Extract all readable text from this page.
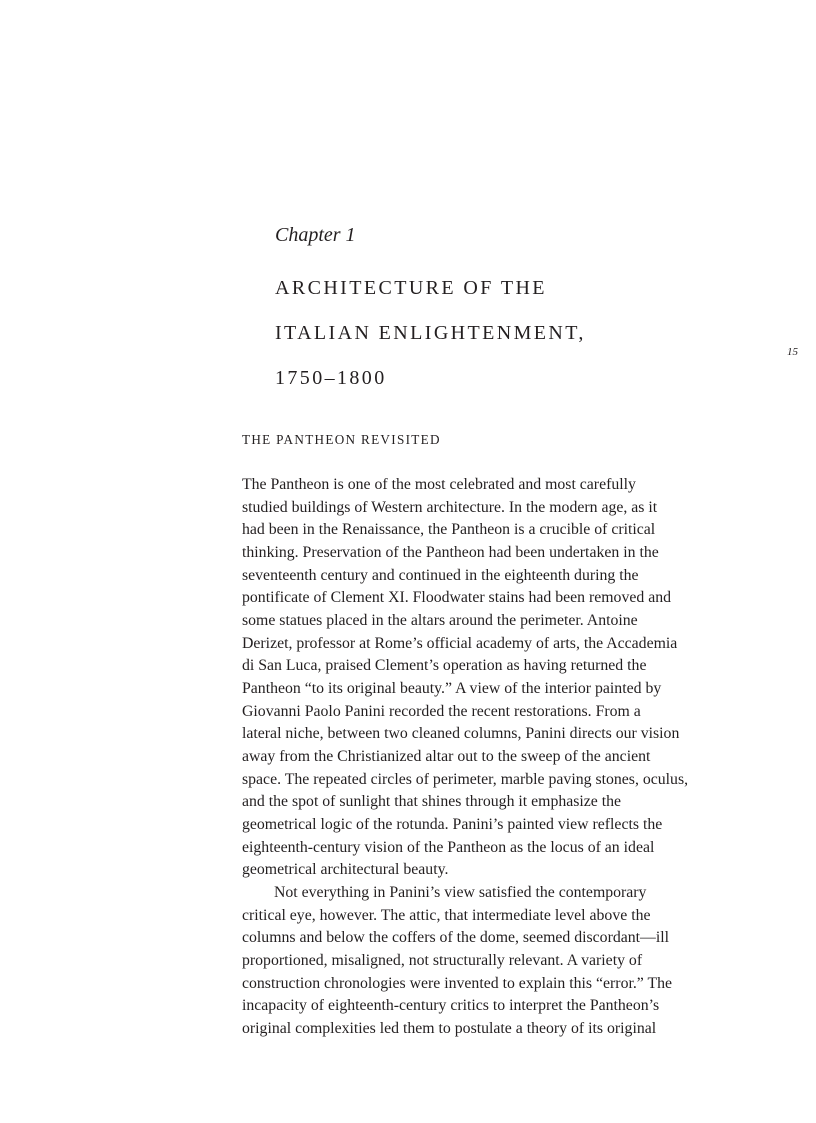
Chapter 1
ARCHITECTURE OF THE
ITALIAN ENLIGHTENMENT,
1750–1800
15
THE PANTHEON REVISITED
The Pantheon is one of the most celebrated and most carefully
studied buildings of Western architecture. In the modern age, as it
had been in the Renaissance, the Pantheon is a crucible of critical
thinking. Preservation of the Pantheon had been undertaken in the
seventeenth century and continued in the eighteenth during the
pontificate of Clement XI. Floodwater stains had been removed and
some statues placed in the altars around the perimeter. Antoine
Derizet, professor at Rome’s official academy of arts, the Accademia
di San Luca, praised Clement’s operation as having returned the
Pantheon “to its original beauty.” A view of the interior painted by
Giovanni Paolo Panini recorded the recent restorations. From a
lateral niche, between two cleaned columns, Panini directs our vision
away from the Christianized altar out to the sweep of the ancient
space. The repeated circles of perimeter, marble paving stones, oculus,
and the spot of sunlight that shines through it emphasize the
geometrical logic of the rotunda. Panini’s painted view reflects the
eighteenth-century vision of the Pantheon as the locus of an ideal
geometrical architectural beauty.
Not everything in Panini’s view satisfied the contemporary
critical eye, however. The attic, that intermediate level above the
columns and below the coffers of the dome, seemed discordant—ill
proportioned, misaligned, not structurally relevant. A variety of
construction chronologies were invented to explain this “error.” The
incapacity of eighteenth-century critics to interpret the Pantheon’s
original complexities led them to postulate a theory of its original
